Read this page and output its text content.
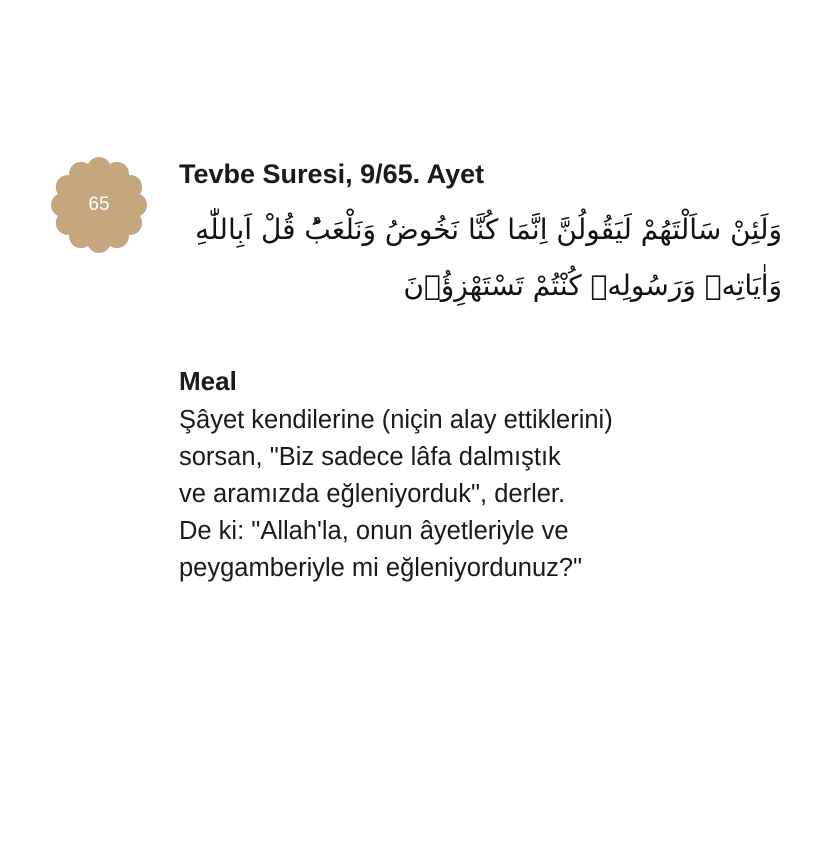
65
Tevbe Suresi, 9/65. Ayet
وَلَئِنْ سَاَلْتَهُمْ لَيَقُولُنَّ اِنَّمَا كُنَّا نَخُوضُ وَنَلْعَبُؕ قُلْ اَبِاللّٰهِ
وَاٰيَاتِه۪ وَرَسُولِه۪ كُنْتُمْ تَسْتَهْزِؤُ۫نَ
Meal
Şâyet kendilerine (niçin alay ettiklerini)
sorsan, "Biz sadece lâfa dalmıştık
ve aramızda eğleniyorduk", derler.
De ki: "Allah'la, onun âyetleriyle ve
peygamberiyle mi eğleniyordunuz?"
